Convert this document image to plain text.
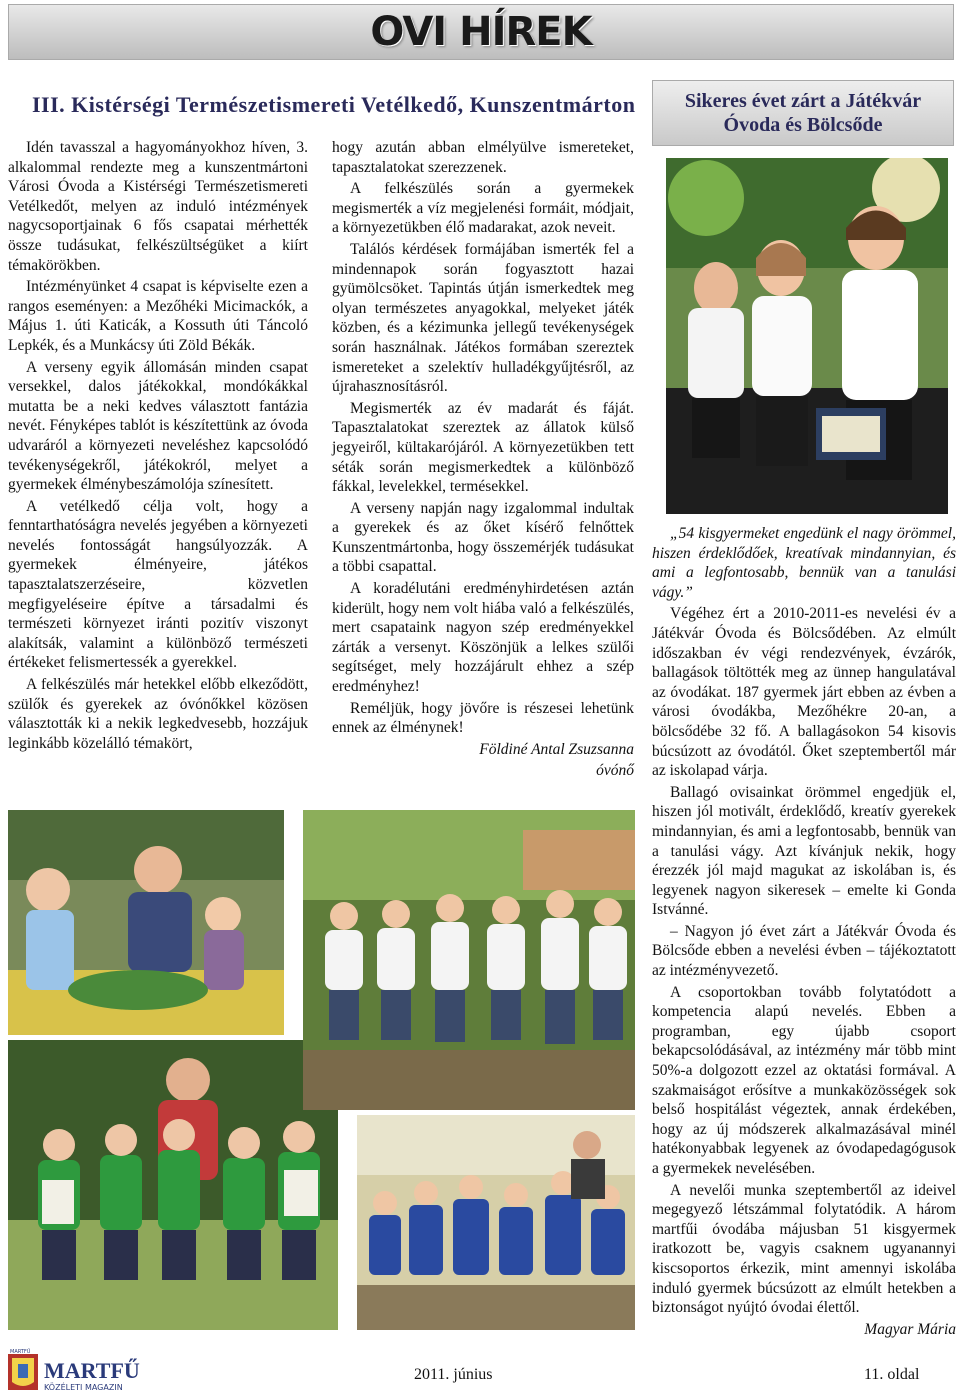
OVI HÍREK
III. Kistérségi Természetismereti Vetélkedő, Kunszentmárton	Sikeres évet zárt a Játékvár
Óvoda és Bölcsőde

Idén tavasszal a hagyományokhoz híven, 3. alkalommal rendezte meg a kunszentmártoni Városi Óvoda a Kistérségi Természetismereti Vetélkedőt, melyen az induló intézmények nagycsoportjainak 6 fős csapatai mérhették össze tudásukat, felkészültségüket a kiírt témakörökben.

Intézményünket 4 csapat is képviselte ezen a rangos eseményen: a Mezőhéki Micimackók, a Május 1. úti Katicák, a Kossuth úti Táncoló Lepkék, és a Munkácsy úti Zöld Békák.

A verseny egyik állomásán minden csapat versekkel, dalos játékokkal, mondókákkal mutatta be a neki kedves választott fantázia nevét. Fényképes tablót is készítettünk az óvoda udvaráról a környezeti neveléshez kapcsolódó tevékenységekről, játékokról, melyet a gyermekek élménybeszámolója színesített.

A vetélkedő célja volt, hogy a fenntarthatóságra nevelés jegyében a környezeti nevelés fontosságát hangsúlyozzák. A gyermekek élményeire, játékos tapasztalatszerzéseire, közvetlen megfigyeléseire építve a társadalmi és természeti környezet iránti pozitív viszonyt alakítsák, valamint a különböző természeti értékeket felismertessék a gyerekkel.

A felkészülés már hetekkel előbb elkeződött, szülők és gyerekek az óvónőkkel közösen választották ki a nekik legkedvesebb, hozzájuk leginkább közelálló témakört,

hogy azután abban elmélyülve ismereteket, tapasztalatokat szerezzenek.

A felkészülés során a gyermekek megismerték a víz megjelenési formáit, módjait, a környezetükben élő madarakat, azok neveit.

Találós kérdések formájában ismerték fel a mindennapok során fogyasztott hazai gyümölcsöket. Tapintás útján ismerkedtek meg olyan természetes anyagokkal, melyeket játék közben, és a kézimunka jellegű tevékenységek során használnak. Játékos formában szereztek ismereteket a szelektív hulladékgyűjtésről, az újrahasznosításról.

Megismerték az év madarát és fáját. Tapasztalatokat szereztek az állatok külső jegyeiről, kültakarójáról. A környezetükben tett séták során megismerkedtek a különböző fákkal, levelekkel, termésekkel.

A verseny napján nagy izgalommal indultak a gyerekek és az őket kísérő felnőttek Kunszentmártonba, hogy összemérjék tudásukat a többi csapattal.

A koradélutáni eredményhirdetésen aztán kiderült, hogy nem volt hiába való a felkészülés, mert csapataink nagyon szép eredményekkel zárták a versenyt. Köszönjük a lelkes szülői segítséget, mely hozzájárult ehhez a szép eredményhez!

Reméljük, hogy jövőre is részesei lehetünk ennek az élménynek!

Földiné Antal Zsuzsanna

óvónő

„54 kisgyermeket engedünk el nagy örömmel, hiszen érdeklődőek, kreatívak mindannyian, és ami a legfontosabb, bennük van a tanulási vágy.”

Végéhez ért a 2010-2011-es nevelési év a Játékvár Óvoda és Bölcsődében. Az elmúlt időszakban év végi rendezvények, évzárók, ballagások töltötték meg az ünnep hangulatával az óvodákat. 187 gyermek járt ebben az évben a városi óvodákba, Mezőhékre 20-an, a bölcsődébe 32 fő. A ballagásokon 54 kisovis búcsúzott az óvodától. Őket szeptembertől már az iskolapad várja.

Ballagó ovisainkat örömmel engedjük el, hiszen jól motivált, érdeklődő, kreatív gyerekek mindannyian, és ami a legfontosabb, bennük van a tanulási vágy. Azt kívánjuk nekik, hogy érezzék jól majd magukat az iskolában is, és legyenek nagyon sikeresek – emelte ki Gonda Istvánné.

– Nagyon jó évet zárt a Játékvár Óvoda és Bölcsőde ebben a nevelési évben – tájékoztatott az intézményvezető.

A csoportokban tovább folytatódott a kompetencia alapú nevelés. Ebben a programban, egy újabb csoport bekapcsolódásával, az intézmény már több mint 50%-a dolgozott ezzel az oktatási formával. A szakmaiságot erősítve a munkaközösségek sok belső hospitálást végeztek, annak érdekében, hogy az új módszerek alkalmazásával minél hatékonyabbak legyenek az óvodapedagógusok a gyermekek nevelésében.

A nevelői munka szeptembertől az ideivel megegyező létszámmal folytatódik. A három martfűi óvodába májusban 51 kisgyermek iratkozott be, vagyis csaknem ugyanannyi kiscsoportos érkezik, mint amennyi iskolába induló gyermek búcsúzott az elmúlt hetekben a biztonságot nyújtó óvodai élettől.

Magyar Mária

MARTFŰ
KÖZÉLETI MAGAZIN
MARTFŰ
2011. június	11. oldal
